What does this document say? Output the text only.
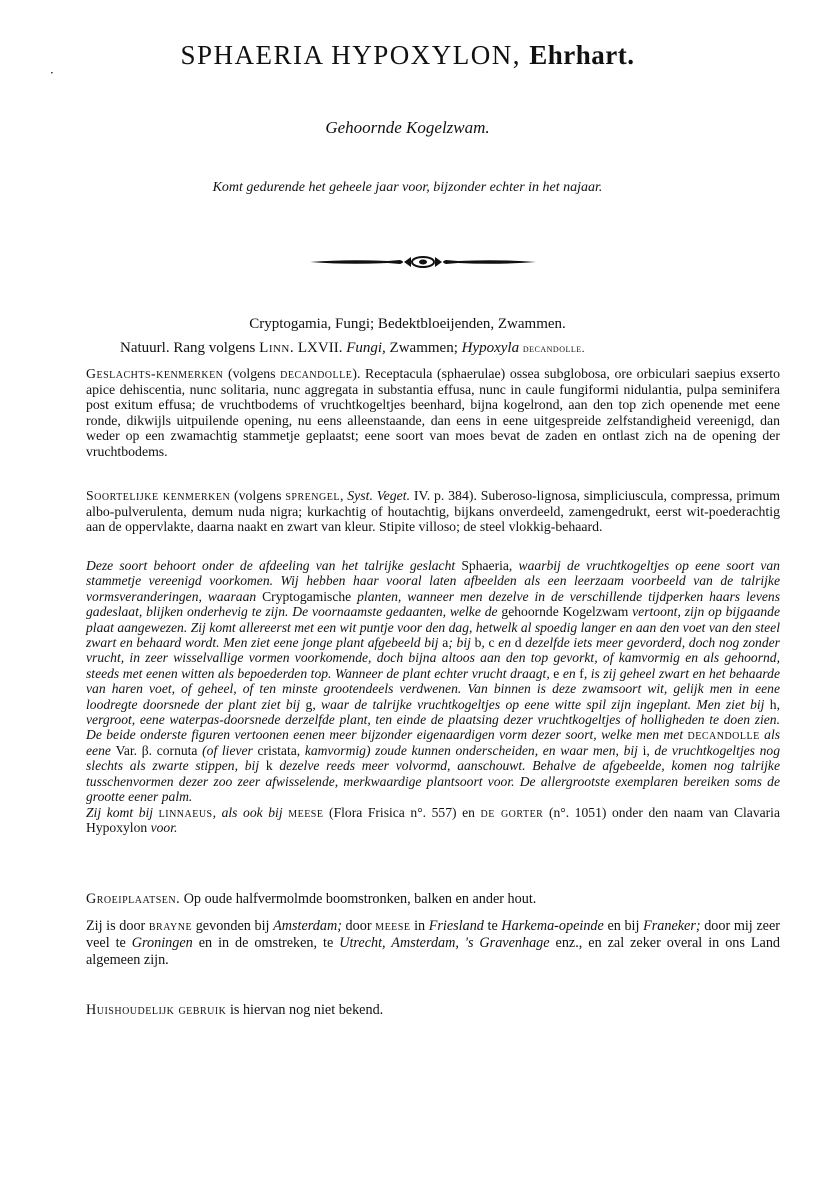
·
SPHAERIA HYPOXYLON, Ehrhart.
Gehoornde Kogelzwam.
Komt gedurende het geheele jaar voor, bijzonder echter in het najaar.
Cryptogamia, Fungi; Bedektbloeijenden, Zwammen.
Natuurl. Rang volgens Linn. LXVII. Fungi, Zwammen; Hypoxyla decandolle.
Geslachts-kenmerken (volgens decandolle). Receptacula (sphaerulae) ossea subglobosa, ore orbiculari saepius exserto apice dehiscentia, nunc solitaria, nunc aggregata in substantia effusa, nunc in caule fungiformi nidulantia, pulpa seminifera post exitum effusa; de vruchtbodems of vruchtkogeltjes beenhard, bijna kogelrond, aan den top zich openende met eene ronde, dikwijls uitpuilende opening, nu eens alleenstaande, dan eens in eene uitgespreide zelfstandigheid vereenigd, dan weder op een zwamachtig stammetje geplaatst; eene soort van moes bevat de zaden en ontlast zich na de opening der vruchtbodems.
Soortelijke kenmerken (volgens sprengel, Syst. Veget. IV. p. 384). Suberoso-lignosa, simpliciuscula, compressa, primum albo-pulverulenta, demum nuda nigra; kurkachtig of houtachtig, bijkans onverdeeld, zamengedrukt, eerst wit-poederachtig aan de oppervlakte, daarna naakt en zwart van kleur. Stipite villoso; de steel vlokkig-behaard.
Deze soort behoort onder de afdeeling van het talrijke geslacht Sphaeria, waarbij de vruchtkogeltjes op eene soort van stammetje vereenigd voorkomen. Wij hebben haar vooral laten afbeelden als een leerzaam voorbeeld van de talrijke vormsveranderingen, waaraan Cryptogamische planten, wanneer men dezelve in de verschillende tijdperken haars levens gadeslaat, blijken onderhevig te zijn. De voornaamste gedaanten, welke de gehoornde Kogelzwam vertoont, zijn op bijgaande plaat aangewezen. Zij komt allereerst met een wit puntje voor den dag, hetwelk al spoedig langer en aan den voet van den steel zwart en behaard wordt. Men ziet eene jonge plant afgebeeld bij a; bij b, c en d dezelfde iets meer gevorderd, doch nog zonder vrucht, in zeer wisselvallige vormen voorkomende, doch bijna altoos aan den top gevorkt, of kamvormig en als gehoornd, steeds met eenen witten als bepoederden top. Wanneer de plant echter vrucht draagt, e en f, is zij geheel zwart en het behaarde van haren voet, of geheel, of ten minste grootendeels verdwenen. Van binnen is deze zwamsoort wit, gelijk men in eene loodregte doorsnede der plant ziet bij g, waar de talrijke vruchtkogeltjes op eene witte spil zijn ingeplant. Men ziet bij h, vergroot, eene waterpas-doorsnede derzelfde plant, ten einde de plaatsing dezer vruchtkogeltjes of holligheden te doen zien. De beide onderste figuren vertoonen eenen meer bijzonder eigenaardigen vorm dezer soort, welke men met decandolle als eene Var. β. cornuta (of liever cristata, kamvormig) zoude kunnen onderscheiden, en waar men, bij i, de vruchtkogeltjes nog slechts als zwarte stippen, bij k dezelve reeds meer volvormd, aanschouwt. Behalve de afgebeelde, komen nog talrijke tusschenvormen dezer zoo zeer afwisselende, merkwaardige plantsoort voor. De allergrootste exemplaren bereiken soms de grootte eener palm.
Zij komt bij linnaeus, als ook bij meese (Flora Frisica n°. 557) en de gorter (n°. 1051) onder den naam van Clavaria Hypoxylon voor.
Groeiplaatsen. Op oude halfvermolmde boomstronken, balken en ander hout.
Zij is door brayne gevonden bij Amsterdam; door meese in Friesland te Harkema-opeinde en bij Franeker; door mij zeer veel te Groningen en in de omstreken, te Utrecht, Amsterdam, 's Gravenhage enz., en zal zeker overal in ons Land algemeen zijn.
Huishoudelijk gebruik is hiervan nog niet bekend.
